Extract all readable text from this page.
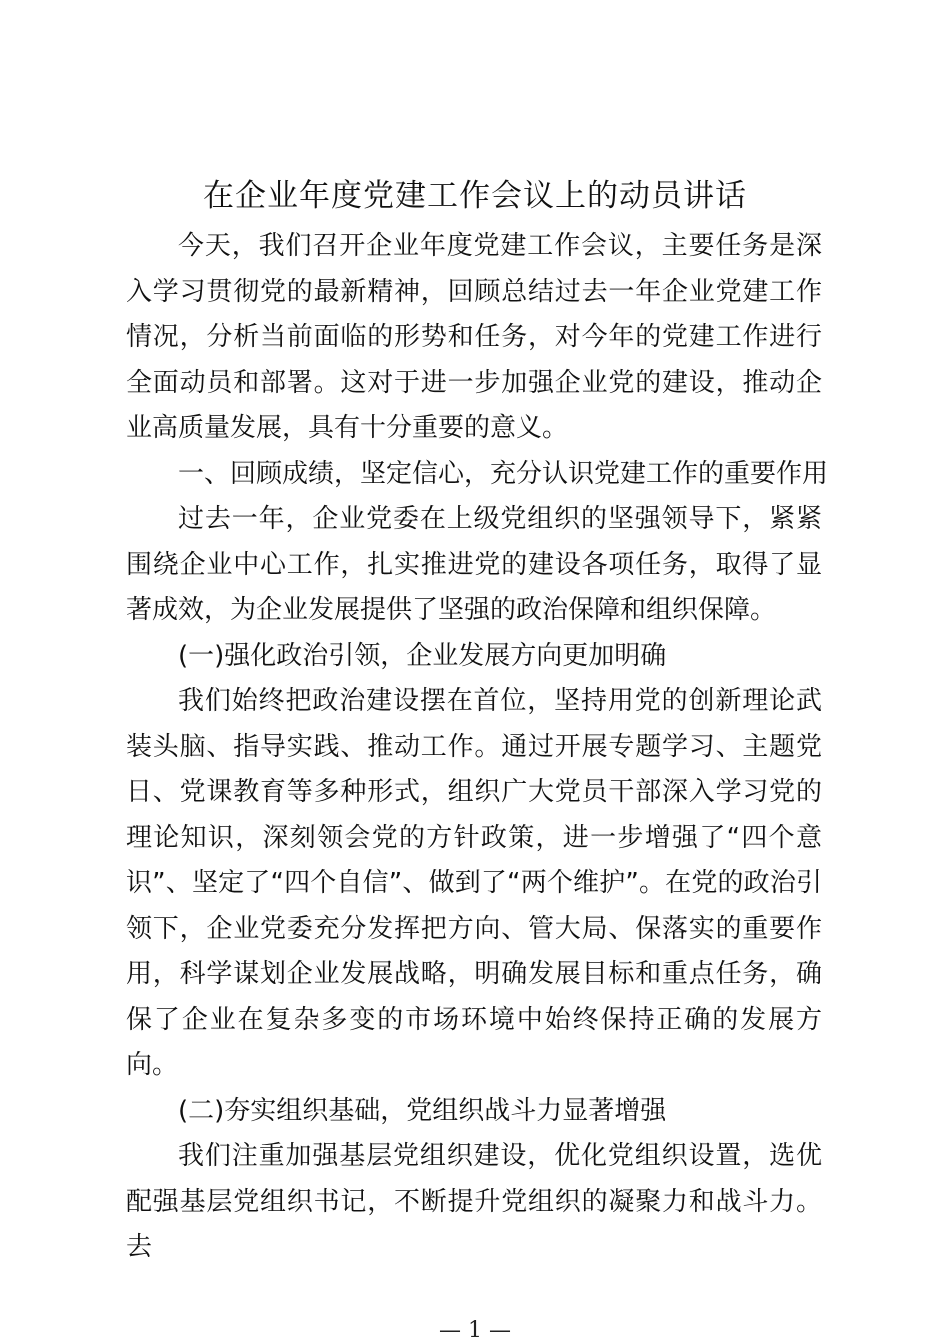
在企业年度党建工作会议上的动员讲话

今天，我们召开企业年度党建工作会议，主要任务是深入学习贯彻党的最新精神，回顾总结过去一年企业党建工作情况，分析当前面临的形势和任务，对今年的党建工作进行全面动员和部署。这对于进一步加强企业党的建设，推动企业高质量发展，具有十分重要的意义。

一、回顾成绩，坚定信心，充分认识党建工作的重要作用

过去一年，企业党委在上级党组织的坚强领导下，紧紧围绕企业中心工作，扎实推进党的建设各项任务，取得了显著成效，为企业发展提供了坚强的政治保障和组织保障。

(一)强化政治引领，企业发展方向更加明确

我们始终把政治建设摆在首位，坚持用党的创新理论武装头脑、指导实践、推动工作。通过开展专题学习、主题党日、党课教育等多种形式，组织广大党员干部深入学习党的理论知识，深刻领会党的方针政策，进一步增强了“四个意识”、坚定了“四个自信”、做到了“两个维护”。在党的政治引领下，企业党委充分发挥把方向、管大局、保落实的重要作用，科学谋划企业发展战略，明确发展目标和重点任务，确保了企业在复杂多变的市场环境中始终保持正确的发展方向。

(二)夯实组织基础，党组织战斗力显著增强

我们注重加强基层党组织建设，优化党组织设置，选优配强基层党组织书记，不断提升党组织的凝聚力和战斗力。去

— 1 —
